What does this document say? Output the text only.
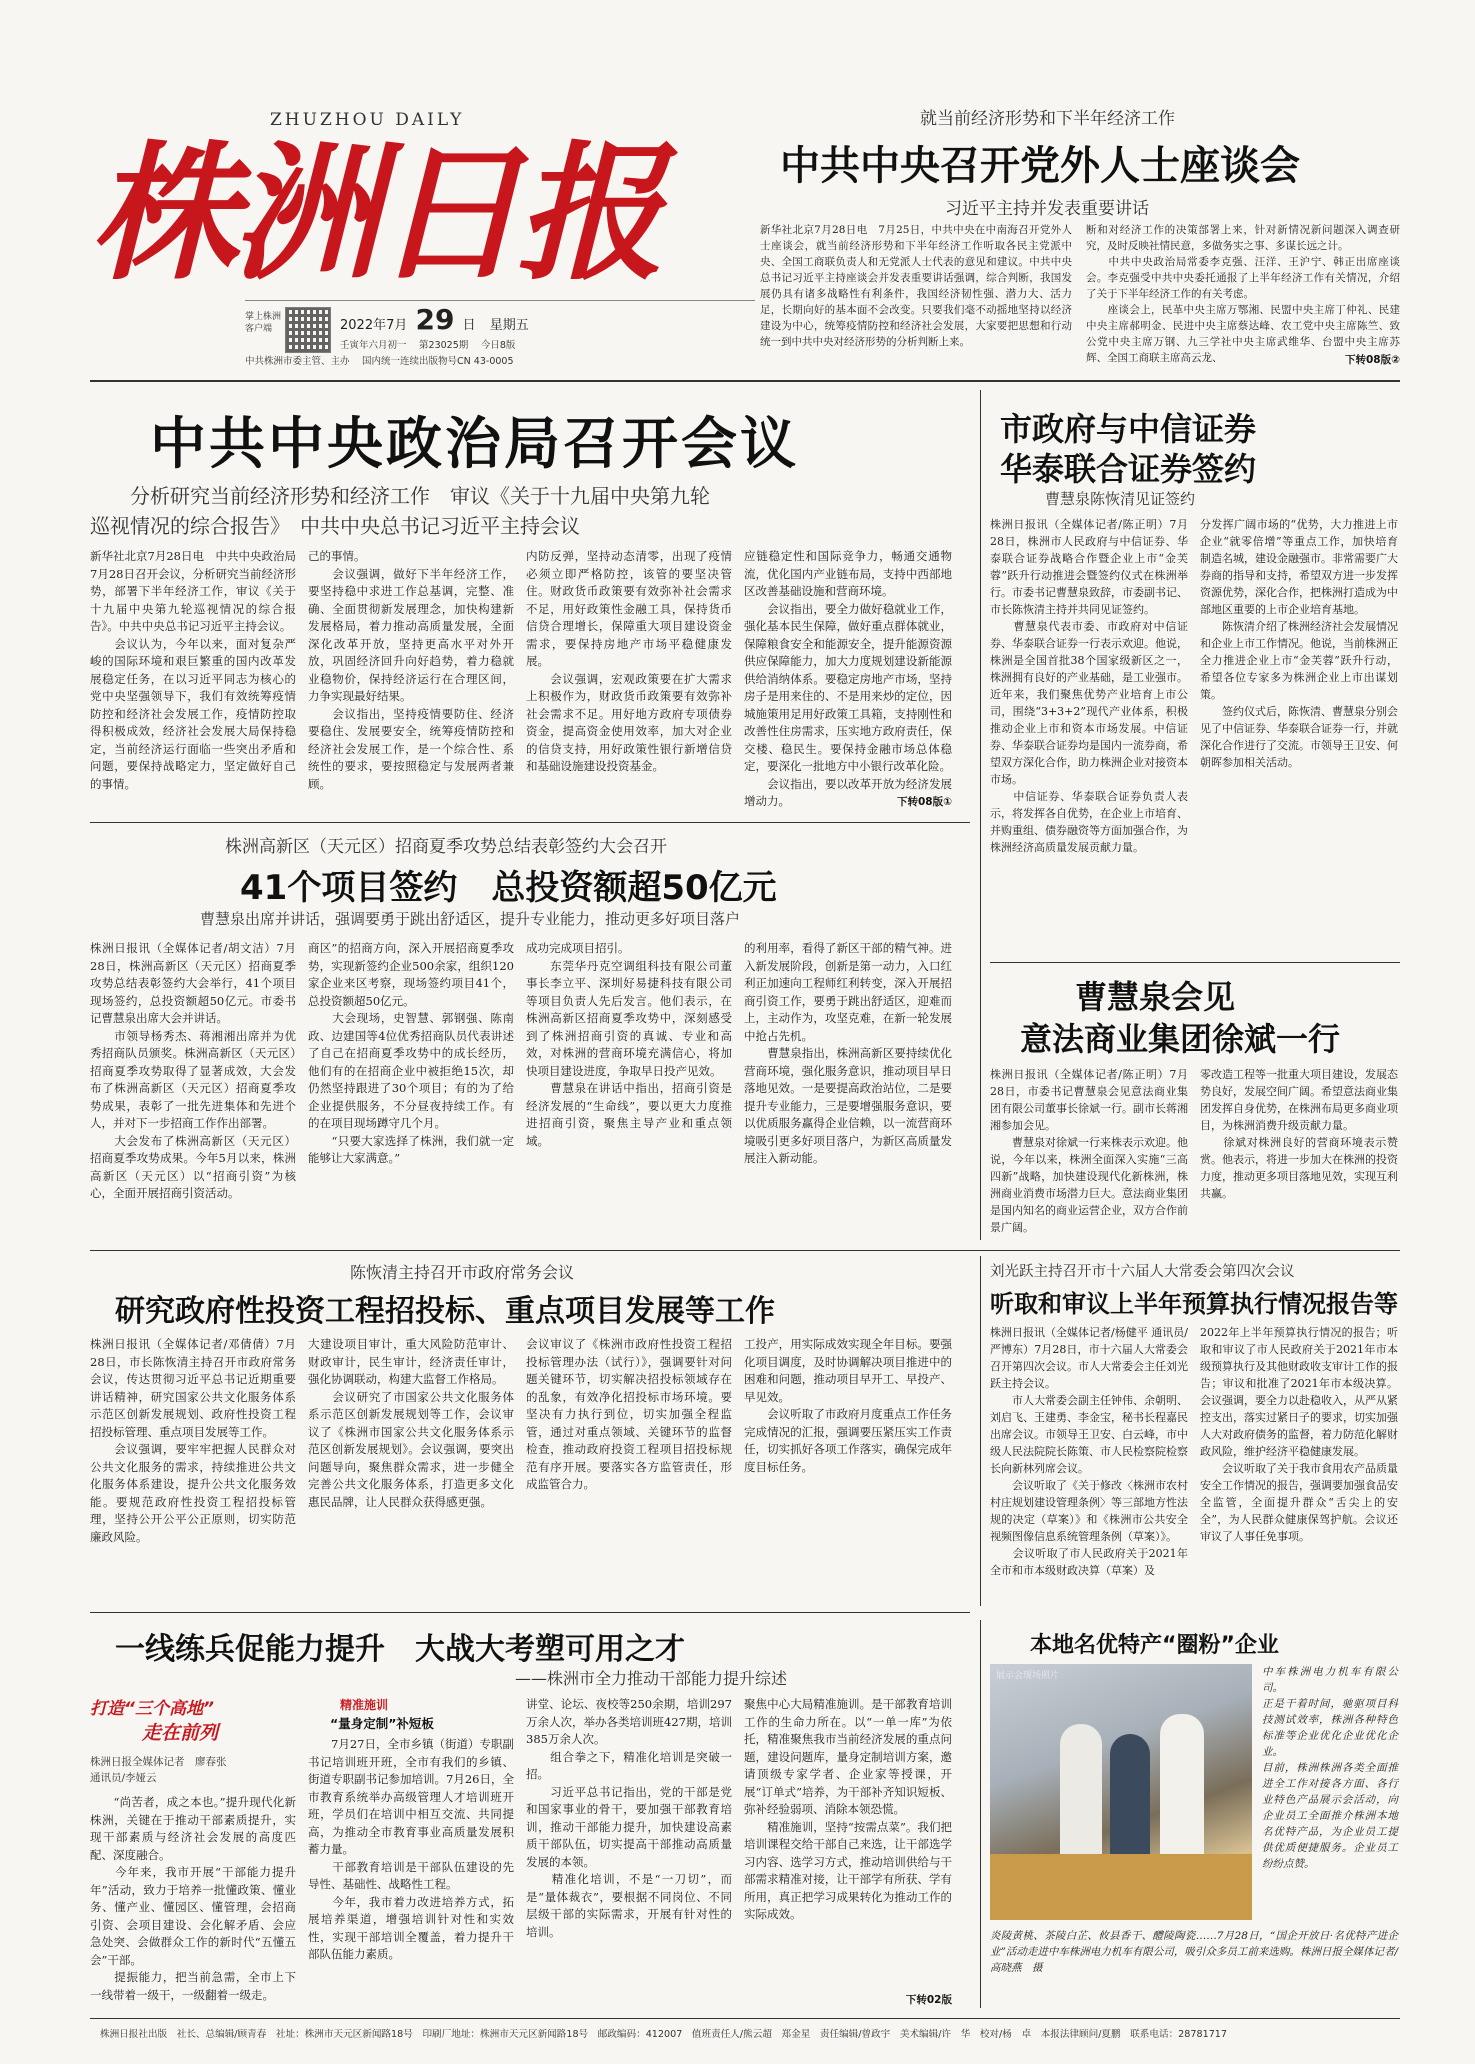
ZHUZHOU DAILY
株洲日报
掌上株洲
客户端	2022年7月 29 日 星期五
壬寅年六月初一　 第23025期　 今日8版
中共株洲市委主管、主办　 国内统一连续出版物号CN 43-0005
就当前经济形势和下半年经济工作
中共中央召开党外人士座谈会
习近平主持并发表重要讲话
新华社北京7月28日电　7月25日，中共中央在中南海召开党外人士座谈会，就当前经济形势和下半年经济工作听取各民主党派中央、全国工商联负责人和无党派人士代表的意见和建议。中共中央总书记习近平主持座谈会并发表重要讲话强调，综合判断，我国发展仍具有诸多战略性有利条件，我国经济韧性强、潜力大、活力足，长期向好的基本面不会改变。只要我们毫不动摇地坚持以经济建设为中心，统筹疫情防控和经济社会发展，大家要把思想和行动统一到中共中央对经济形势的分析判断上来。
断和对经济工作的决策部署上来，针对新情况新问题深入调查研究，及时反映社情民意，多做务实之事、多谋长远之计。
　　中共中央政治局常委李克强、汪洋、王沪宁、韩正出席座谈会。李克强受中共中央委托通报了上半年经济工作有关情况，介绍了关于下半年经济工作的有关考虑。
　　座谈会上，民革中央主席万鄂湘、民盟中央主席丁仲礼、民建中央主席郝明金、民进中央主席蔡达峰、农工党中央主席陈竺、致公党中央主席万钢、九三学社中央主席武维华、台盟中央主席苏辉、全国工商联主席高云龙、	下转08版②
中共中央政治局召开会议
分析研究当前经济形势和经济工作　审议《关于十九届中央第九轮
巡视情况的综合报告》　中共中央总书记习近平主持会议
新华社北京7月28日电　中共中央政治局7月28日召开会议，分析研究当前经济形势，部署下半年经济工作，审议《关于十九届中央第九轮巡视情况的综合报告》。中共中央总书记习近平主持会议。
　　会议认为，今年以来，面对复杂严峻的国际环境和艰巨繁重的国内改革发展稳定任务，在以习近平同志为核心的党中央坚强领导下，我们有效统筹疫情防控和经济社会发展工作，疫情防控取得积极成效，经济社会发展大局保持稳定，当前经济运行面临一些突出矛盾和问题，要保持战略定力，坚定做好自己的事情。
己的事情。
　　会议强调，做好下半年经济工作，要坚持稳中求进工作总基调，完整、准确、全面贯彻新发展理念，加快构建新发展格局，着力推动高质量发展，全面深化改革开放，坚持更高水平对外开放，巩固经济回升向好趋势，着力稳就业稳物价，保持经济运行在合理区间，力争实现最好结果。
　　会议指出，坚持疫情要防住、经济要稳住、发展要安全，统筹疫情防控和经济社会发展工作，是一个综合性、系统性的要求，要按照稳定与发展两者兼顾。
内防反弹，坚持动态清零，出现了疫情必须立即严格防控，该管的要坚决管住。财政货币政策要有效弥补社会需求不足，用好政策性金融工具，保持货币信贷合理增长，保障重大项目建设资金需求，要保持房地产市场平稳健康发展。
　　会议强调，宏观政策要在扩大需求上积极作为，财政货币政策要有效弥补社会需求不足。用好地方政府专项债券资金，提高资金使用效率，加大对企业的信贷支持，用好政策性银行新增信贷和基础设施建设投资基金。
应链稳定性和国际竞争力，畅通交通物流，优化国内产业链布局，支持中西部地区改善基础设施和营商环境。
　　会议指出，要全力做好稳就业工作，强化基本民生保障，做好重点群体就业，保障粮食安全和能源安全，提升能源资源供应保障能力，加大力度规划建设新能源供给消纳体系。要稳定房地产市场，坚持房子是用来住的、不是用来炒的定位，因城施策用足用好政策工具箱，支持刚性和改善性住房需求，压实地方政府责任，保交楼、稳民生。要保持金融市场总体稳定，要深化一批地方中小银行改革化险。
　　会议指出，要以改革开放为经济发展增动力。	下转08版①
市政府与中信证券
华泰联合证券签约
曹慧泉陈恢清见证签约
株洲日报讯（全媒体记者/陈正明）7月28日，株洲市人民政府与中信证券、华泰联合证券战略合作暨企业上市“金芙蓉”跃升行动推进会暨签约仪式在株洲举行。市委书记曹慧泉致辞，市委副书记、市长陈恢清主持并共同见证签约。
　　曹慧泉代表市委、市政府对中信证券、华泰联合证券一行表示欢迎。他说，株洲是全国首批38个国家级新区之一，株洲拥有良好的产业基础，是工业强市。近年来，我们聚焦优势产业培育上市公司，围绕“3+3+2”现代产业体系，积极推动企业上市和资本市场发展。中信证券、华泰联合证券均是国内一流券商，希望双方深化合作，助力株洲企业对接资本市场。
　　中信证券、华泰联合证券负责人表示，将发挥各自优势，在企业上市培育、并购重组、债券融资等方面加强合作，为株洲经济高质量发展贡献力量。
分发挥广阔市场的“优势，大力推进上市企业“就零倍增”等重点工作，加快培育制造名城，建设金融强市。非常需要广大券商的指导和支持，希望双方进一步发挥资源优势，深化合作，把株洲打造成为中部地区重要的上市企业培育基地。
　　陈恢清介绍了株洲经济社会发展情况和企业上市工作情况。他说，当前株洲正全力推进企业上市“金芙蓉”跃升行动，希望各位专家多为株洲企业上市出谋划策。
　　签约仪式后，陈恢清、曹慧泉分别会见了中信证券、华泰联合证券一行，并就深化合作进行了交流。市领导王卫安、何朝晖参加相关活动。
株洲高新区（天元区）招商夏季攻势总结表彰签约大会召开
41个项目签约　总投资额超50亿元
曹慧泉出席并讲话，强调要勇于跳出舒适区，提升专业能力，推动更多好项目落户
株洲日报讯（全媒体记者/胡文洁）7月28日，株洲高新区（天元区）招商夏季攻势总结表彰签约大会举行，41个项目现场签约，总投资额超50亿元。市委书记曹慧泉出席大会并讲话。
　　市领导杨秀杰、蒋湘湘出席并为优秀招商队员颁奖。株洲高新区（天元区）招商夏季攻势取得了显著成效，大会发布了株洲高新区（天元区）招商夏季攻势成果，表彰了一批先进集体和先进个人，并对下一步招商工作作出部署。
　　大会发布了株洲高新区（天元区）招商夏季攻势成果。今年5月以来，株洲高新区（天元区）以“招商引资”为核心，全面开展招商引资活动。
商区”的招商方向，深入开展招商夏季攻势，实现新签约企业500余家，组织120家企业来区考察，现场签约项目41个，总投资额超50亿元。
　　大会现场，史智慧、郭钢强、陈南政、边建国等4位优秀招商队员代表讲述了自己在招商夏季攻势中的成长经历，他们有的在招商企业中被拒绝15次，却仍然坚持跟进了30个项目；有的为了给企业提供服务，不分昼夜持续工作。有的在项目现场蹲守几个月。
　　“只要大家选择了株洲，我们就一定能够让大家满意。”
成功完成项目招引。
　　东莞华丹克空调组科技有限公司董事长李立平、深圳好易捷科技有限公司等项目负责人先后发言。他们表示，在株洲高新区招商夏季攻势中，深刻感受到了株洲招商引资的真诚、专业和高效，对株洲的营商环境充满信心，将加快项目建设进度，争取早日投产见效。
　　曹慧泉在讲话中指出，招商引资是经济发展的“生命线”，要以更大力度推进招商引资，聚焦主导产业和重点领域。
的利用率，看得了新区干部的精气神。进入新发展阶段，创新是第一动力，入口红利正加速向工程师红利转变，深入开展招商引资工作，要勇于跳出舒适区，迎难而上，主动作为，攻坚克难，在新一轮发展中抢占先机。
　　曹慧泉指出，株洲高新区要持续优化营商环境，强化服务意识，推动项目早日落地见效。一是要提高政治站位，二是要提升专业能力，三是要增强服务意识，要以优质服务赢得企业信赖，以一流营商环境吸引更多好项目落户，为新区高质量发展注入新动能。
曹慧泉会见
意法商业集团徐斌一行
株洲日报讯（全媒体记者/陈正明）7月28日，市委书记曹慧泉会见意法商业集团有限公司董事长徐斌一行。副市长蒋湘湘参加会见。
　　曹慧泉对徐斌一行来株表示欢迎。他说，今年以来，株洲全面深入实施“三高四新”战略，加快建设现代化新株洲，株洲商业消费市场潜力巨大。意法商业集团是国内知名的商业运营企业，双方合作前景广阔。
零改造工程等一批重大项目建设，发展态势良好，发展空间广阔。希望意法商业集团发挥自身优势，在株洲布局更多商业项目，为株洲消费升级贡献力量。
　　徐斌对株洲良好的营商环境表示赞赏。他表示，将进一步加大在株洲的投资力度，推动更多项目落地见效，实现互利共赢。
陈恢清主持召开市政府常务会议
研究政府性投资工程招投标、重点项目发展等工作
株洲日报讯（全媒体记者/邓倩倩）7月28日，市长陈恢清主持召开市政府常务会议，传达贯彻习近平总书记近期重要讲话精神，研究国家公共文化服务体系示范区创新发展规划、政府性投资工程招投标管理、重点项目发展等工作。
　　会议强调，要牢牢把握人民群众对公共文化服务的需求，持续推进公共文化服务体系建设，提升公共文化服务效能。要规范政府性投资工程招投标管理，坚持公开公平公正原则，切实防范廉政风险。
大建设项目审计，重大风险防范审计、财政审计，民生审计，经济责任审计，强化协调联动，构建大监督工作格局。
　　会议研究了市国家公共文化服务体系示范区创新发展规划等工作，会议审议了《株洲市国家公共文化服务体系示范区创新发展规划》。会议强调，要突出问题导向，聚焦群众需求，进一步健全完善公共文化服务体系，打造更多文化惠民品牌，让人民群众获得感更强。
会议审议了《株洲市政府性投资工程招投标管理办法（试行）》，强调要针对问题关键环节，切实解决招投标领域存在的乱象，有效净化招投标市场环境。要坚决有力执行到位，切实加强全程监管，通过对重点领域、关键环节的监督检查，推动政府投资工程项目招投标规范有序开展。要落实各方监管责任，形成监管合力。
工投产，用实际成效实现全年目标。要强化项目调度，及时协调解决项目推进中的困难和问题，推动项目早开工、早投产、早见效。
　　会议听取了市政府月度重点工作任务完成情况的汇报，强调要压紧压实工作责任，切实抓好各项工作落实，确保完成年度目标任务。
刘光跃主持召开市十六届人大常委会第四次会议
听取和审议上半年预算执行情况报告等
株洲日报讯（全媒体记者/杨健平 通讯员/严博东）7月28日，市十六届人大常委会召开第四次会议。市人大常委会主任刘光跃主持会议。
　　市人大常委会副主任钟伟、余朝明、刘启飞、王建勇、李金宝，秘书长程嘉民出席会议。市领导王卫安、白云峰，市中级人民法院院长陈策、市人民检察院检察长向新林列席会议。
　　会议听取了《关于修改〈株洲市农村村庄规划建设管理条例〉等三部地方性法规的决定（草案）》和《株洲市公共安全视频图像信息系统管理条例（草案）》。
　　会议听取了市人民政府关于2021年全市和市本级财政决算（草案）及
2022年上半年预算执行情况的报告；听取和审议了市人民政府关于2021年市本级预算执行及其他财政收支审计工作的报告；审议和批准了2021年市本级决算。会议强调，要全力以赴稳收入，从严从紧控支出，落实过紧日子的要求，切实加强人大对政府债务的监督，着力防范化解财政风险，维护经济平稳健康发展。
　　会议听取了关于我市食用农产品质量安全工作情况的报告，强调要加强食品安全监管，全面提升群众“舌尖上的安全”，为人民群众健康保驾护航。会议还审议了人事任免事项。
一线练兵促能力提升　大战大考塑可用之才
——株洲市全力推动干部能力提升综述
打造“三个高地”
走在前列
株洲日报全媒体记者　廖春张
通讯员/李娅云
　　“尚苦者，成之本也。”提升现代化新株洲，关键在于推动干部素质提升，实现干部素质与经济社会发展的高度匹配、深度融合。
　　今年来，我市开展“干部能力提升年”活动，致力于培养一批懂政策、懂业务、懂产业、懂园区、懂管理，会招商引资、会项目建设、会化解矛盾、会应急处突、会做群众工作的新时代“五懂五会”干部。
　　提振能力，把当前急需，全市上下一线带着一级干，一级翻着一级走。
精准施训
“量身定制”补短板
　　7月27日，全市乡镇（街道）专职副书记培训班开班，全市有我们的乡镇、街道专职副书记参加培训。7月26日，全市教育系统举办高级管理人才培训班开班，学员们在培训中相互交流、共同提高，为推动全市教育事业高质量发展积蓄力量。
　　干部教育培训是干部队伍建设的先导性、基础性、战略性工程。
　　今年，我市着力改进培养方式，拓展培养渠道，增强培训针对性和实效性，实现干部培训全覆盖，着力提升干部队伍能力素质。
讲堂、论坛、夜校等250余期，培训297万余人次，举办各类培训班427期，培训385万余人次。
　　组合拳之下，精准化培训是突破一招。
　　习近平总书记指出，党的干部是党和国家事业的骨干，要加强干部教育培训，推动干部能力提升，加快建设高素质干部队伍，切实提高干部推动高质量发展的本领。
　　精准化培训，不是“一刀切”，而是“量体裁衣”，要根据不同岗位、不同层级干部的实际需求，开展有针对性的培训。
聚焦中心大局精准施训。是干部教育培训工作的生命力所在。以“一单一库”为依托，精准聚焦我市当前经济发展的重点问题，建设问题库，量身定制培训方案，邀请顶级专家学者、企业家等授课，开展“订单式”培养，为干部补齐知识短板、弥补经验弱项、消除本领恐慌。
　　精准施训，坚持“按需点菜”。我们把培训课程交给干部自己来选，让干部选学习内容、选学习方式，推动培训供给与干部需求精准对接，让干部学有所获、学有所用，真正把学习成果转化为推动工作的实际成效。
下转02版
本地名优特产“圈粉”企业
展示会现场照片	中车株洲电力机车有限公司。
正是干着时间，驰驱项目科技测试效率，株洲各种特色标准等企业优化企业优化企业。
目前，株洲株洲各类全面推进全工作对接各方面、各行业特色产品展示会活动，向企业员工全面推介株洲本地名优特产品，为企业员工提供优质便捷服务。企业员工纷纷点赞。
炎陵黄桃、茶陵白芷、攸县香干、醴陵陶瓷……7月28日，“国企开放日·名优特产进企业”活动走进中车株洲电力机车有限公司，吸引众多员工前来选购。株洲日报全媒体记者/高晓燕　摄
株洲日报社出版　社长、总编辑/顾青春　社址：株洲市天元区新闻路18号　印刷厂地址：株洲市天元区新闻路18号　邮政编码：412007　值班责任人/熊云超　郑金星　责任编辑/曾政宇　美术编辑/许　华　校对/杨　卓　本报法律顾问/夏鹏　联系电话：28781717
